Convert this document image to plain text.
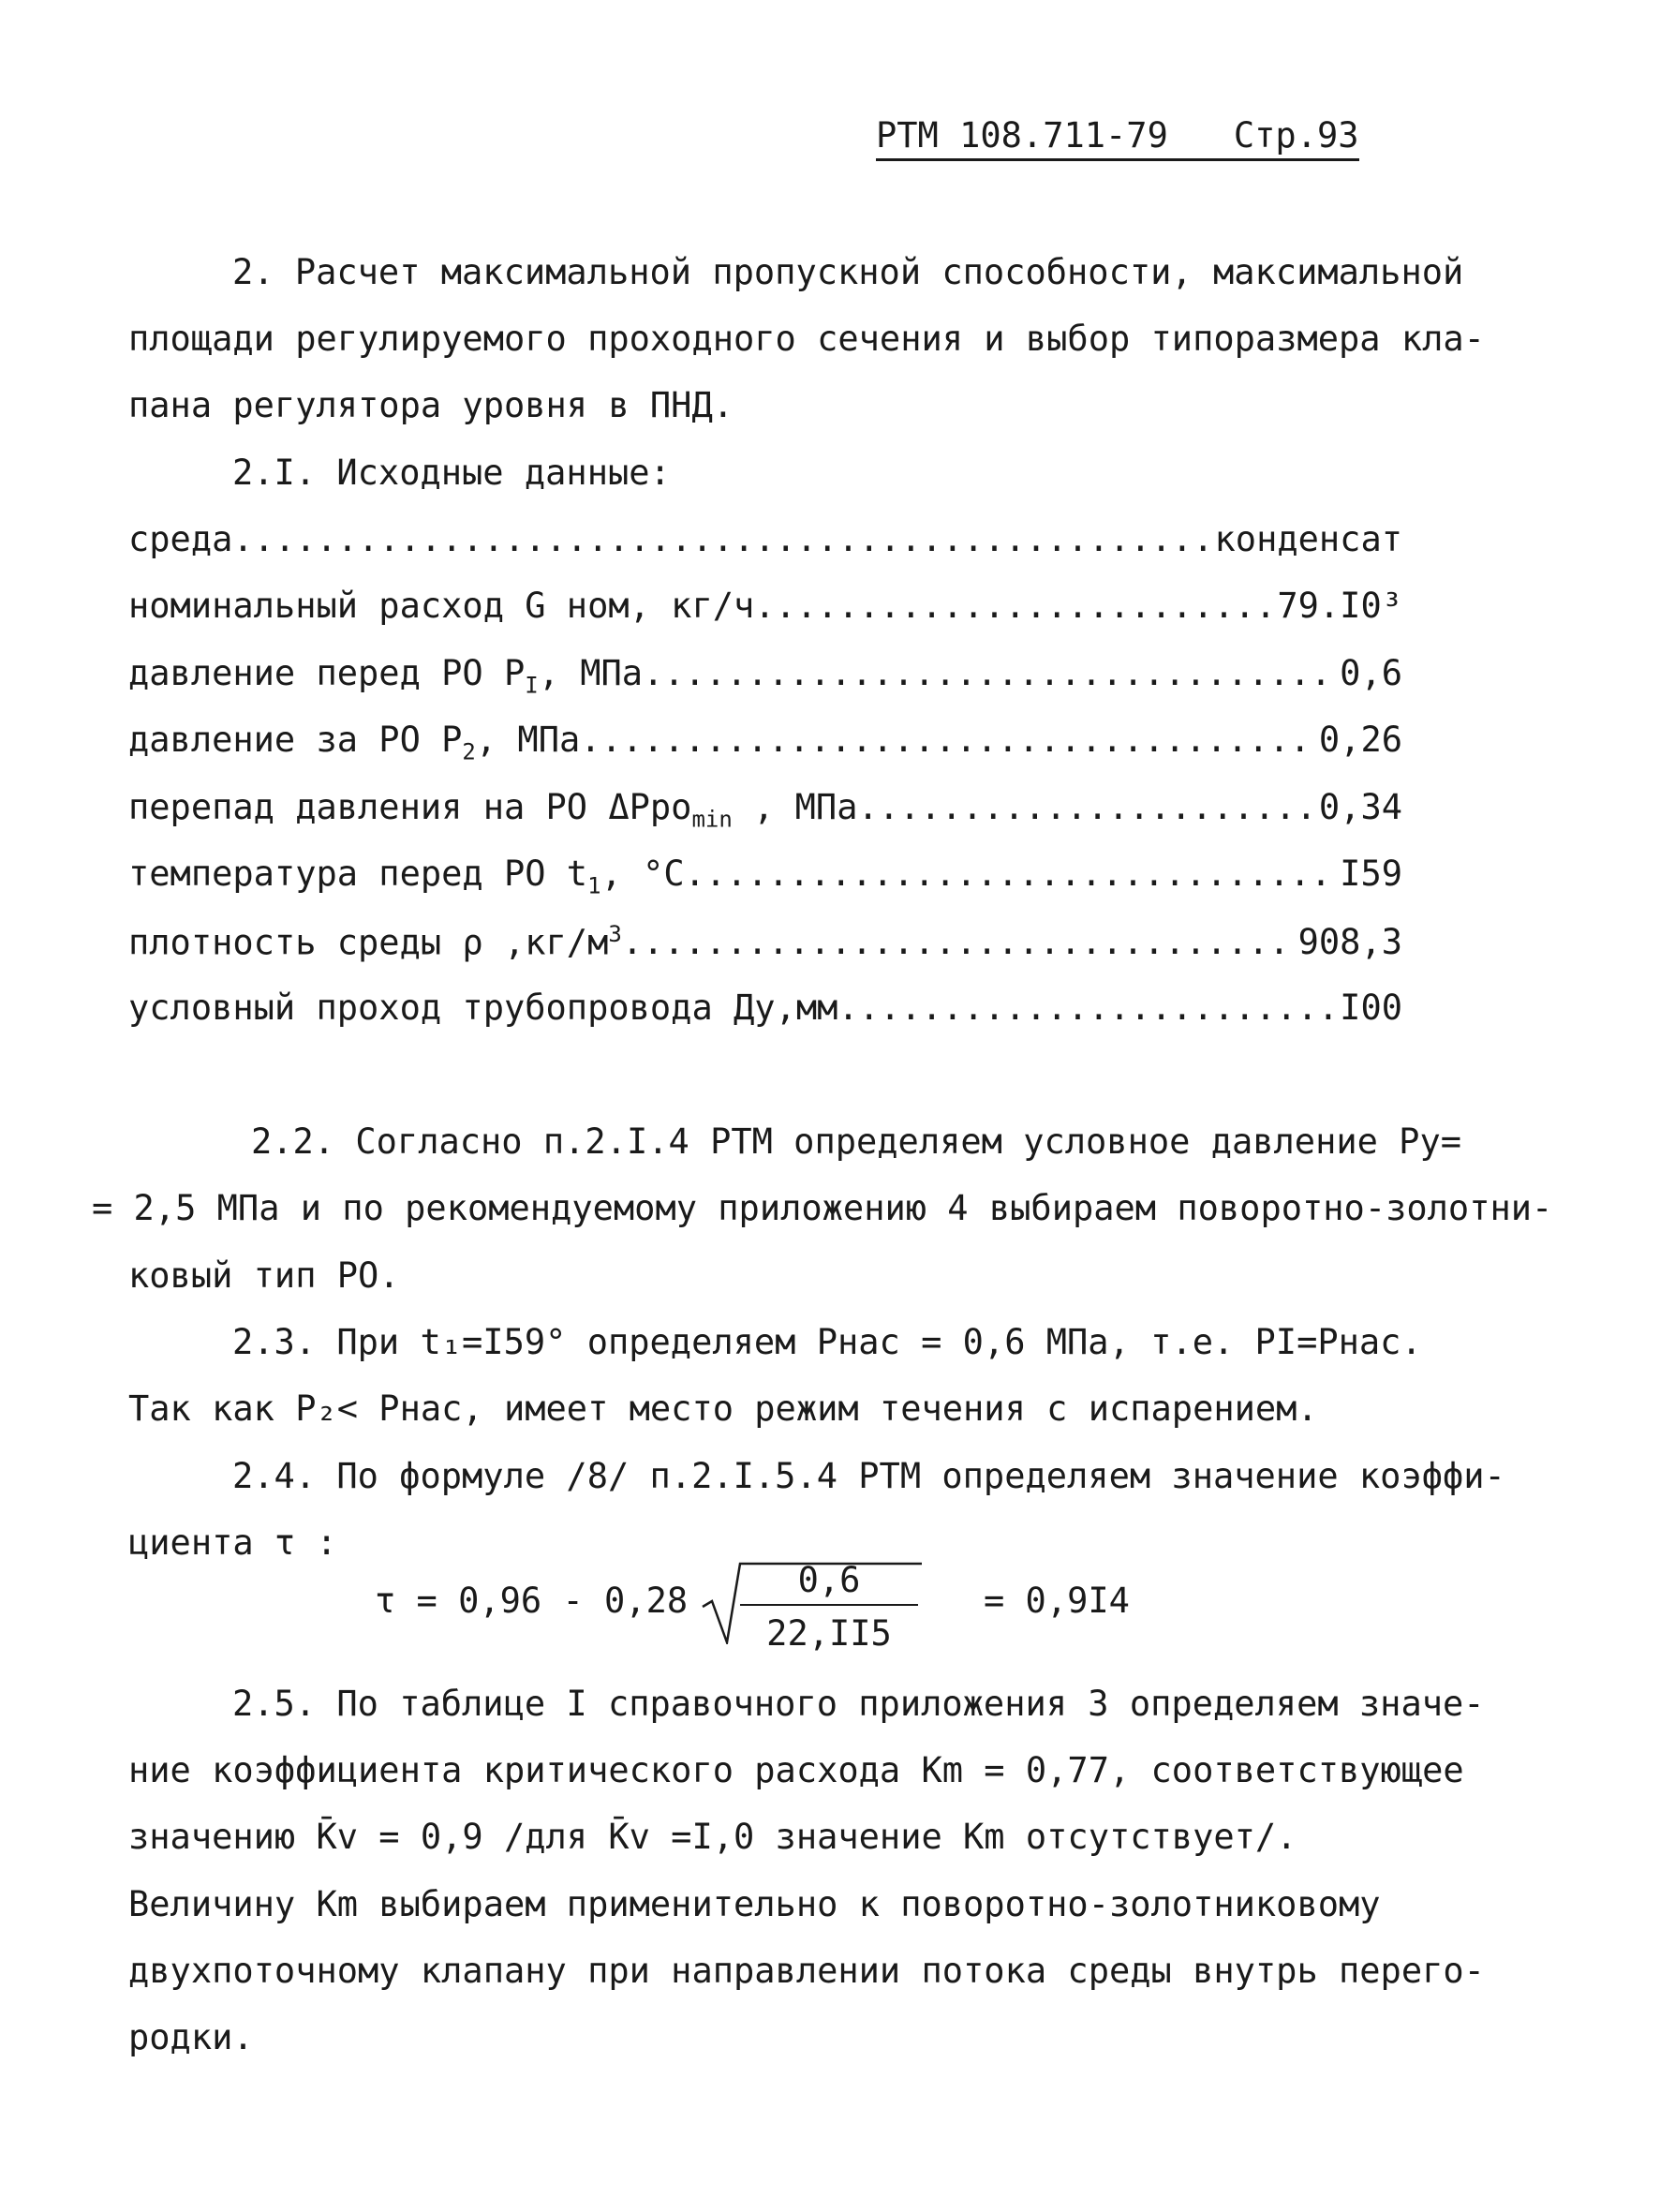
РТМ 108.711-79 Стр.93
2. Расчет максимальной пропускной способности, максимальной
площади регулируемого проходного сечения и выбор типоразмера кла-
пана регулятора уровня в ПНД.
2.I. Исходные данные:
среда .....	конденсат
номинальный расход G ном, кг/ч .....	79.I0³
давление перед РО $P_I$, МПа .....	0,6
давление за РО $P_2$, МПа .....	0,26
перепад давления на РО ΔPро$_{min}$ , МПа .....	0,34
температура перед РО $t_1$, °С .....	I59
плотность среды ρ $,кг/м^3$ .....	908,3
условный проход трубопровода Ду,мм .....	I00
2.2. Согласно п.2.I.4 РТМ определяем условное давление Ру=
= 2,5 МПа и по рекомендуемому приложению 4 выбираем поворотно-золотни-
ковый тип РО.
2.3. При t₁=I59° определяем Рнас = 0,6 МПа, т.е. PI=Рнас.
Так как P₂< Рнас, имеет место режим течения с испарением.
2.4. По формуле /8/ п.2.I.5.4 РТМ определяем значение коэффи-
циента τ :
$\tau = 0,96 - 0,28 \frac{0,6}{22,II5} = 0,9I4$
2.5. По таблице I справочного приложения 3 определяем значе-
ние коэффициента критического расхода Km = 0,77, соответствующее
значению K̄v = 0,9 /для K̄v =I,0 значение Km отсутствует/.
Величину Km выбираем применительно к поворотно-золотниковому
двухпоточному клапану при направлении потока среды внутрь перего-
родки.
